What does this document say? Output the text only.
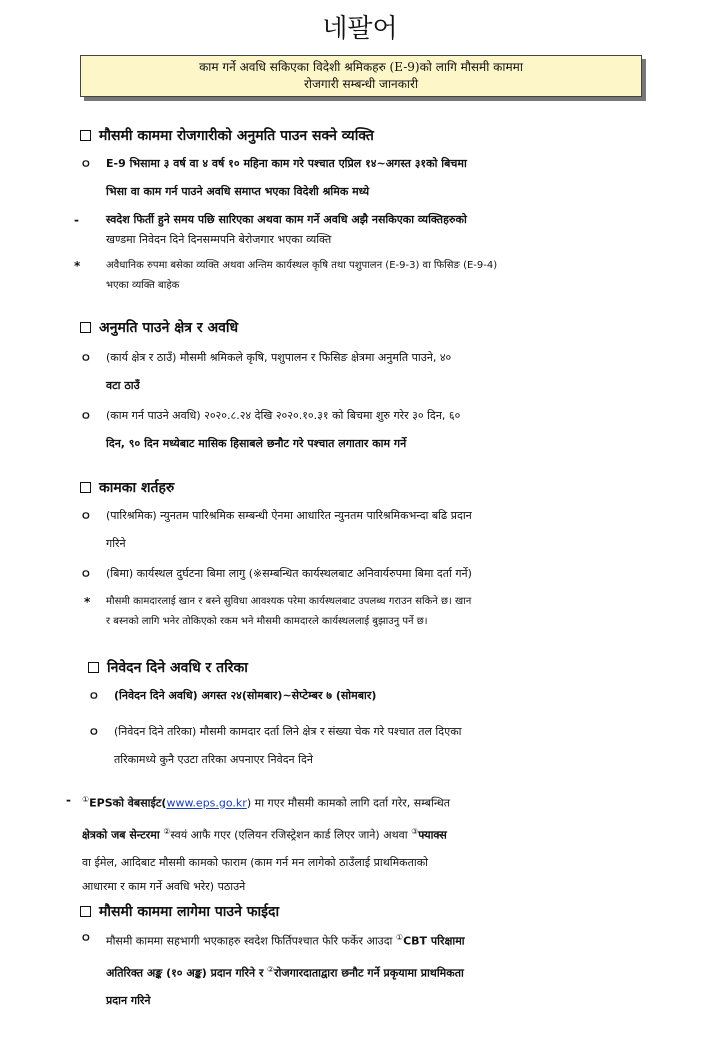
네팔어
काम गर्ने अवधि सकिएका विदेशी श्रमिकहरु (E-9)को लागि मौसमी काममा
रोजगारी सम्बन्धी जानकारी
मौसमी काममा रोजगारीको अनुमति पाउन सक्ने व्यक्ति
ㅇ E-9 भिसामा ३ वर्ष वा ४ वर्ष १० महिना काम गरे पश्चात एप्रिल १४~अगस्त ३१को बिचमा
भिसा वा काम गर्न पाउने अवधि समाप्त भएका विदेशी श्रमिक मध्ये
- स्वदेश फिर्ती हुने समय पछि सारिएका अथवा काम गर्ने अवधि अझै नसकिएका व्यक्तिहरुको
खण्डमा निवेदन दिने दिनसम्मपनि बेरोजगार भएका व्यक्ति
*	अवैधानिक रुपमा बसेका व्यक्ति अथवा अन्तिम कार्यस्थल कृषि तथा पशुपालन (E-9-3) वा फिसिङ (E-9-4)
भएका व्यक्ति बाहेक
अनुमति पाउने क्षेत्र र अवधि
ㅇ (कार्य क्षेत्र र ठाउँ) मौसमी श्रमिकले कृषि, पशुपालन र फिसिङ क्षेत्रमा अनुमति पाउने, ४०
वटा ठाउँ
ㅇ (काम गर्न पाउने अवधि) २०२०.८.२४ देखि २०२०.१०.३१ को बिचमा शुरु गरेर ३० दिन, ६०
दिन, ९० दिन मध्येबाट मासिक हिसाबले छनौट गरे पश्चात लगातार काम गर्ने
कामका शर्तहरु
ㅇ (पारिश्रमिक) न्युनतम पारिश्रमिक सम्बन्धी ऐनमा आधारित न्युनतम पारिश्रमिकभन्दा बढि प्रदान
गरिने
ㅇ (बिमा) कार्यस्थल दुर्घटना बिमा लागु (※सम्बन्धित कार्यस्थलबाट अनिवार्यरुपमा बिमा दर्ता गर्ने)
* मौसमी कामदारलाई खान र बस्ने सुविधा आवश्यक परेमा कार्यस्थलबाट उपलब्ध गराउन सकिने छ। खान
र बस्नको लागि भनेर तोकिएको रकम भने मौसमी कामदारले कार्यस्थललाई बुझाउनु पर्ने छ।
निवेदन दिने अवधि र तरिका
ㅇ (निवेदन दिने अवधि) अगस्त २४(सोमबार)~सेप्टेम्बर ७ (सोमबार)
ㅇ (निवेदन दिने तरिका) मौसमी कामदार दर्ता लिने क्षेत्र र संख्या चेक गरे पश्चात तल दिएका
तरिकामध्ये कुनै एउटा तरिका अपनाएर निवेदन दिने
- ①EPSको वेबसाईट(www.eps.go.kr) मा गएर मौसमी कामको लागि दर्ता गरेर, सम्बन्धित
क्षेत्रको जब सेन्टरमा ②स्वयं आफै गएर (एलियन रजिस्ट्रेशन कार्ड लिएर जाने) अथवा ③फ्याक्स
वा ईमेल, आदिबाट मौसमी कामको फाराम (काम गर्न मन लागेको ठाउँलाई प्राथमिकताको
आधारमा र काम गर्ने अवधि भरेर) पठाउने
मौसमी काममा लागेमा पाउने फाईदा
ㅇ मौसमी काममा सहभागी भएकाहरु स्वदेश फिर्तिपश्चात फेरि फर्केर आउदा ①CBT परिक्षामा
अतिरिक्त अङ्क (१० अङ्क) प्रदान गरिने र ②रोजगारदाताद्वारा छनौट गर्ने प्रकृयामा प्राथमिकता
प्रदान गरिने
